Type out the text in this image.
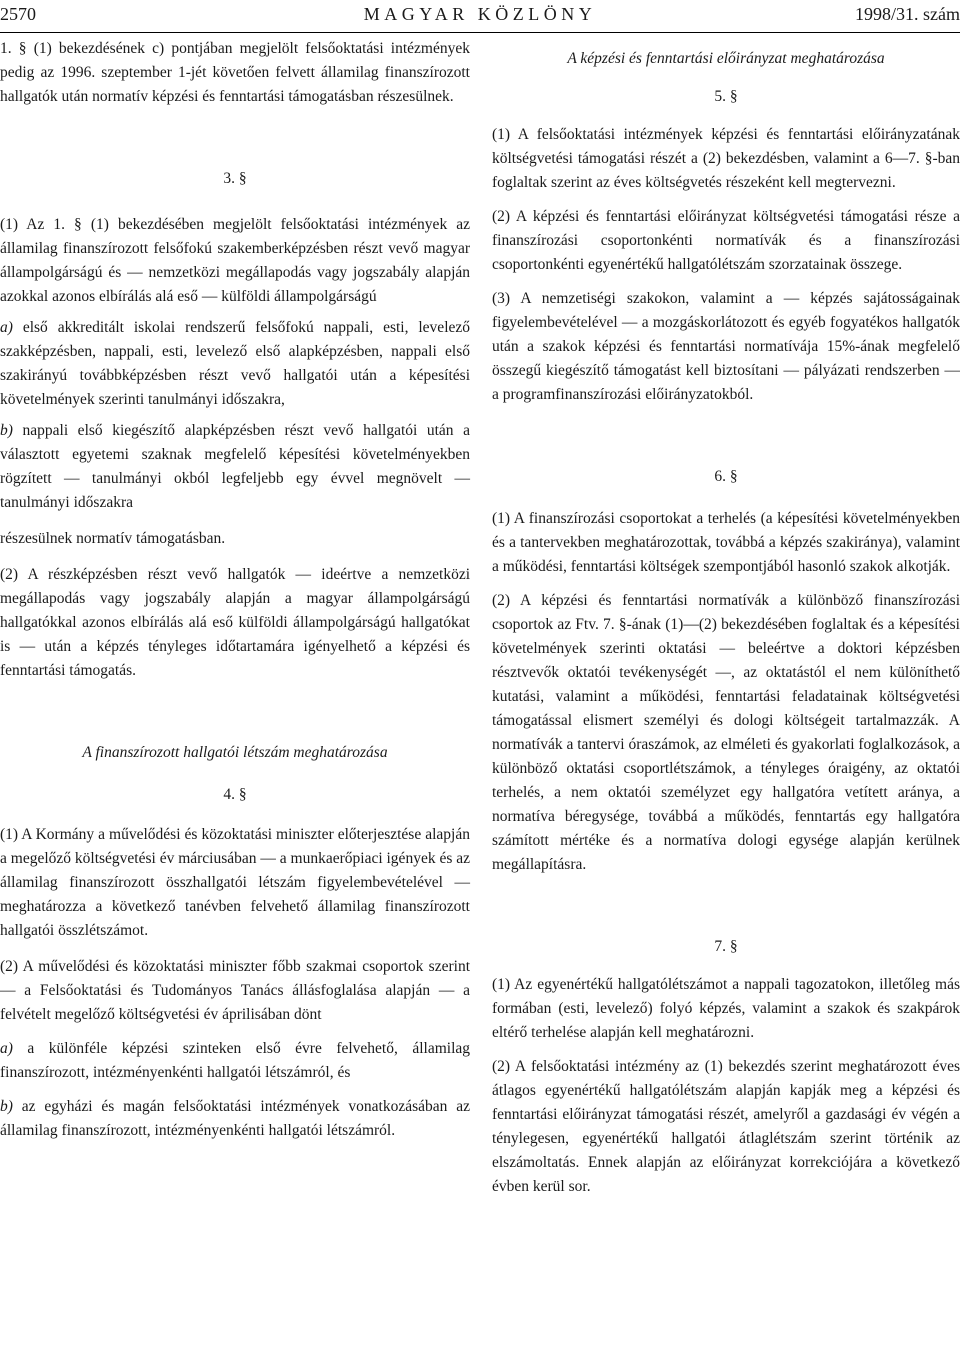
2570	MAGYAR KÖZLÖNY	1998/31. szám

1. § (1) bekezdésének c) pontjában megjelölt felsőoktatási intézmények pedig az 1996. szeptember 1-jét követően felvett államilag finanszírozott hallgatók után normatív képzési és fenntartási támogatásban részesülnek.

3. §

(1) Az 1. § (1) bekezdésében megjelölt felsőoktatási intézmények az államilag finanszírozott felsőfokú szakemberképzésben részt vevő magyar állampolgárságú és — nemzetközi megállapodás vagy jogszabály alapján azokkal azonos elbírálás alá eső — külföldi állampolgárságú

a) első akkreditált iskolai rendszerű felsőfokú nappali, esti, levelező szakképzésben, nappali, esti, levelező első alapképzésben, nappali első szakirányú továbbképzésben részt vevő hallgatói után a képesítési követelmények szerinti tanulmányi időszakra,

b) nappali első kiegészítő alapképzésben részt vevő hallgatói után a választott egyetemi szaknak megfelelő képesítési követelményekben rögzített — tanulmányi okból legfeljebb egy évvel megnövelt — tanulmányi időszakra

részesülnek normatív támogatásban.

(2) A részképzésben részt vevő hallgatók — ideértve a nemzetközi megállapodás vagy jogszabály alapján a magyar állampolgárságú hallgatókkal azonos elbírálás alá eső külföldi állampolgárságú hallgatókat is — után a képzés tényleges időtartamára igényelhető a képzési és fenntartási támogatás.

A finanszírozott hallgatói létszám meghatározása

4. §

(1) A Kormány a művelődési és közoktatási miniszter előterjesztése alapján a megelőző költségvetési év márciusában — a munkaerőpiaci igények és az államilag finanszírozott összhallgatói létszám figyelembevételével — meghatározza a következő tanévben felvehető államilag finanszírozott hallgatói összlétszámot.

(2) A művelődési és közoktatási miniszter főbb szakmai csoportok szerint — a Felsőoktatási és Tudományos Tanács állásfoglalása alapján — a felvételt megelőző költségvetési év áprilisában dönt

a) a különféle képzési szinteken első évre felvehető, államilag finanszírozott, intézményenkénti hallgatói létszámról, és

b) az egyházi és magán felsőoktatási intézmények vonatkozásában az államilag finanszírozott, intézményenkénti hallgatói létszámról.

A képzési és fenntartási előirányzat meghatározása

5. §

(1) A felsőoktatási intézmények képzési és fenntartási előirányzatának költségvetési támogatási részét a (2) bekezdésben, valamint a 6—7. §-ban foglaltak szerint az éves költségvetés részeként kell megtervezni.

(2) A képzési és fenntartási előirányzat költségvetési támogatási része a finanszírozási csoportonkénti normatívák és a finanszírozási csoportonkénti egyenértékű hallgatólétszám szorzatainak összege.

(3) A nemzetiségi szakokon, valamint a — képzés sajátosságainak figyelembevételével — a mozgáskorlátozott és egyéb fogyatékos hallgatók után a szakok képzési és fenntartási normatívája 15%-ának megfelelő összegű kiegészítő támogatást kell biztosítani — pályázati rendszerben — a programfinanszírozási előirányzatokból.

6. §

(1) A finanszírozási csoportokat a terhelés (a képesítési követelményekben és a tantervekben meghatározottak, továbbá a képzés szakiránya), valamint a működési, fenntartási költségek szempontjából hasonló szakok alkotják.

(2) A képzési és fenntartási normatívák a különböző finanszírozási csoportok az Ftv. 7. §-ának (1)—(2) bekezdésében foglaltak és a képesítési követelmények szerinti oktatási — beleértve a doktori képzésben résztvevők oktatói tevékenységét —, az oktatástól el nem különíthető kutatási, valamint a működési, fenntartási feladatainak költségvetési támogatással elismert személyi és dologi költségeit tartalmazzák. A normatívák a tantervi óraszámok, az elméleti és gyakorlati foglalkozások, a különböző oktatási csoportlétszámok, a tényleges óraigény, az oktatói terhelés, a nem oktatói személyzet egy hallgatóra vetített aránya, a normatíva béregysége, továbbá a működés, fenntartás egy hallgatóra számított mértéke és a normatíva dologi egysége alapján kerülnek megállapításra.

7. §

(1) Az egyenértékű hallgatólétszámot a nappali tagozatokon, illetőleg más formában (esti, levelező) folyó képzés, valamint a szakok és szakpárok eltérő terhelése alapján kell meghatározni.

(2) A felsőoktatási intézmény az (1) bekezdés szerint meghatározott éves átlagos egyenértékű hallgatólétszám alapján kapják meg a képzési és fenntartási előirányzat támogatási részét, amelyről a gazdasági év végén a ténylegesen, egyenértékű hallgatói átlaglétszám szerint történik az elszámoltatás. Ennek alapján az előirányzat korrekciójára a következő évben kerül sor.
